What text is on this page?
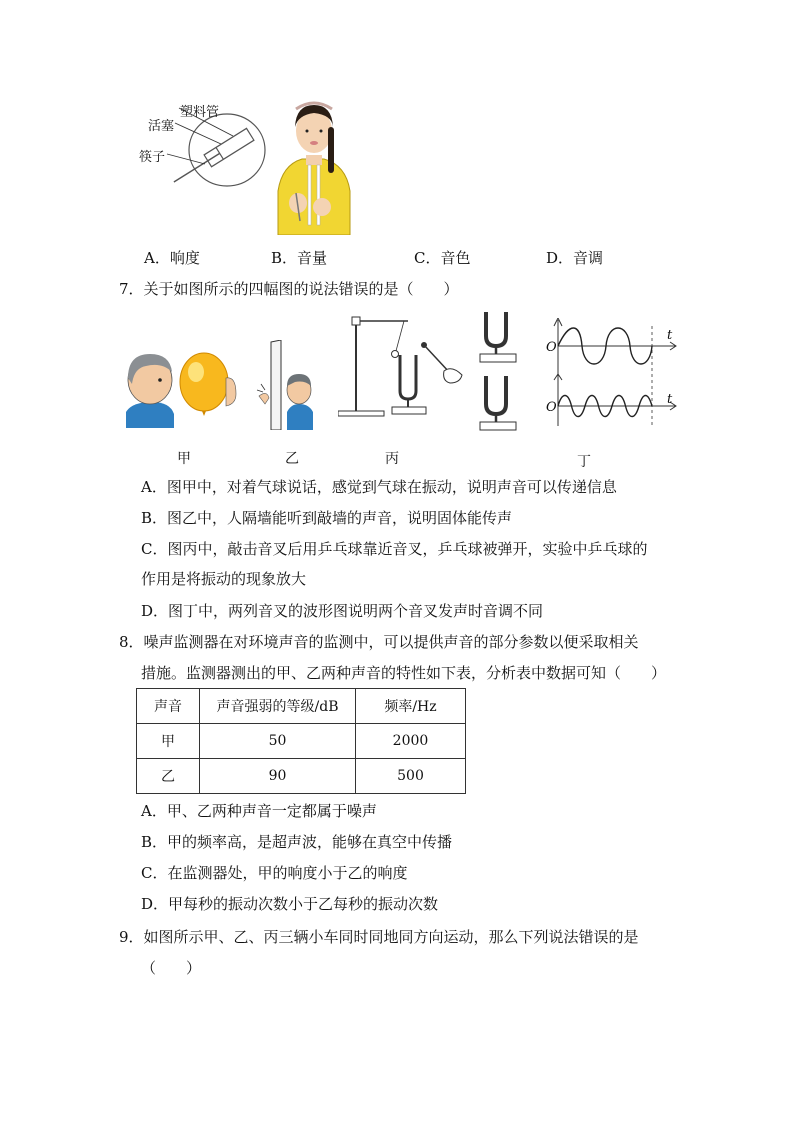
塑料管
活塞
筷子
A．响度	B．音量	C．音色	D．音调
7．关于如图所示的四幅图的说法错误的是（　　）
O
t
O
t
甲	乙	丙	丁
A．图甲中，对着气球说话，感觉到气球在振动，说明声音可以传递信息
B．图乙中，人隔墙能听到敲墙的声音，说明固体能传声
C．图丙中，敲击音叉后用乒乓球靠近音叉，乒乓球被弹开，实验中乒乓球的
作用是将振动的现象放大
D．图丁中，两列音叉的波形图说明两个音叉发声时音调不同
8．噪声监测器在对环境声音的监测中，可以提供声音的部分参数以便采取相关
措施。监测器测出的甲、乙两种声音的特性如下表，分析表中数据可知（　　）
声音	声音强弱的等级/dB	频率/Hz
甲	50	2000
乙	90	500
A．甲、乙两种声音一定都属于噪声
B．甲的频率高，是超声波，能够在真空中传播
C．在监测器处，甲的响度小于乙的响度
D．甲每秒的振动次数小于乙每秒的振动次数
9．如图所示甲、乙、丙三辆小车同时同地同方向运动，那么下列说法错误的是
（　　）
